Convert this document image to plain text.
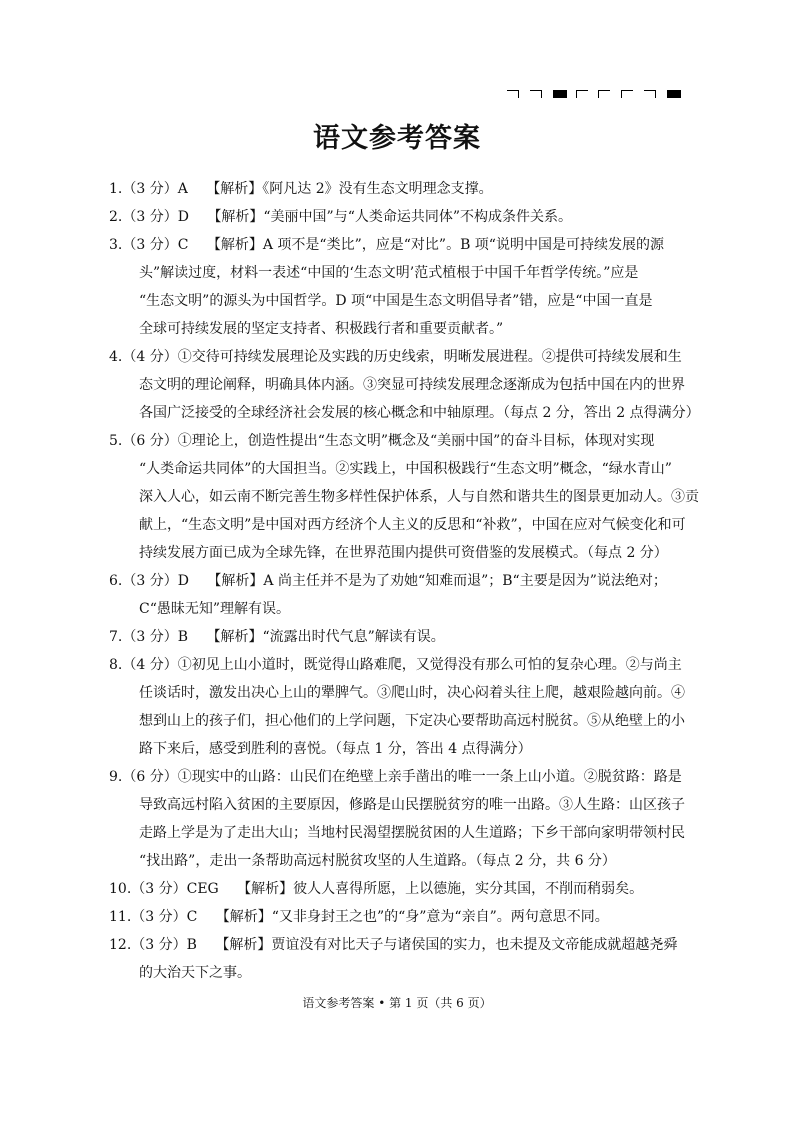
语文参考答案
1.（3 分）A　 【解析】《阿凡达 2》没有生态文明理念支撑。
2.（3 分）D　 【解析】“美丽中国”与“人类命运共同体”不构成条件关系。
3.（3 分）C　 【解析】A 项不是“类比”，应是“对比”。B 项“说明中国是可持续发展的源
头”解读过度，材料一表述“中国的‘生态文明’范式植根于中国千年哲学传统。”应是
“生态文明”的源头为中国哲学。D 项“中国是生态文明倡导者”错，应是“中国一直是
全球可持续发展的坚定支持者、积极践行者和重要贡献者。”
4.（4 分）①交待可持续发展理论及实践的历史线索，明晰发展进程。②提供可持续发展和生
态文明的理论阐释，明确具体内涵。③突显可持续发展理念逐渐成为包括中国在内的世界
各国广泛接受的全球经济社会发展的核心概念和中轴原理。（每点 2 分，答出 2 点得满分）
5.（6 分）①理论上，创造性提出“生态文明”概念及“美丽中国”的奋斗目标，体现对实现
“人类命运共同体”的大国担当。②实践上，中国积极践行“生态文明”概念，“绿水青山”
深入人心，如云南不断完善生物多样性保护体系，人与自然和谐共生的图景更加动人。③贡
献上，“生态文明”是中国对西方经济个人主义的反思和“补救”，中国在应对气候变化和可
持续发展方面已成为全球先锋，在世界范围内提供可资借鉴的发展模式。（每点 2 分）
6.（3 分）D　 【解析】A 尚主任并不是为了劝她“知难而退”；B“主要是因为”说法绝对；
C“愚昧无知”理解有误。
7.（3 分）B　 【解析】“流露出时代气息”解读有误。
8.（4 分）①初见上山小道时，既觉得山路难爬，又觉得没有那么可怕的复杂心理。②与尚主
任谈话时，激发出决心上山的犟脾气。③爬山时，决心闷着头往上爬，越艰险越向前。④
想到山上的孩子们，担心他们的上学问题，下定决心要帮助高远村脱贫。⑤从绝壁上的小
路下来后，感受到胜利的喜悦。（每点 1 分，答出 4 点得满分）
9.（6 分）①现实中的山路：山民们在绝壁上亲手凿出的唯一一条上山小道。②脱贫路：路是
导致高远村陷入贫困的主要原因，修路是山民摆脱贫穷的唯一出路。③人生路：山区孩子
走路上学是为了走出大山；当地村民渴望摆脱贫困的人生道路；下乡干部向家明带领村民
“找出路”，走出一条帮助高远村脱贫攻坚的人生道路。（每点 2 分，共 6 分）
10.（3 分）CEG　 【解析】彼人人喜得所愿，上以德施，实分其国，不削而稍弱矣。
11.（3 分）C　 【解析】“又非身封王之也”的“身”意为“亲自”。两句意思不同。
12.（3 分）B　 【解析】贾谊没有对比天子与诸侯国的实力，也未提及文帝能成就超越尧舜
的大治天下之事。
语文参考答案 • 第 1 页（共 6 页）
